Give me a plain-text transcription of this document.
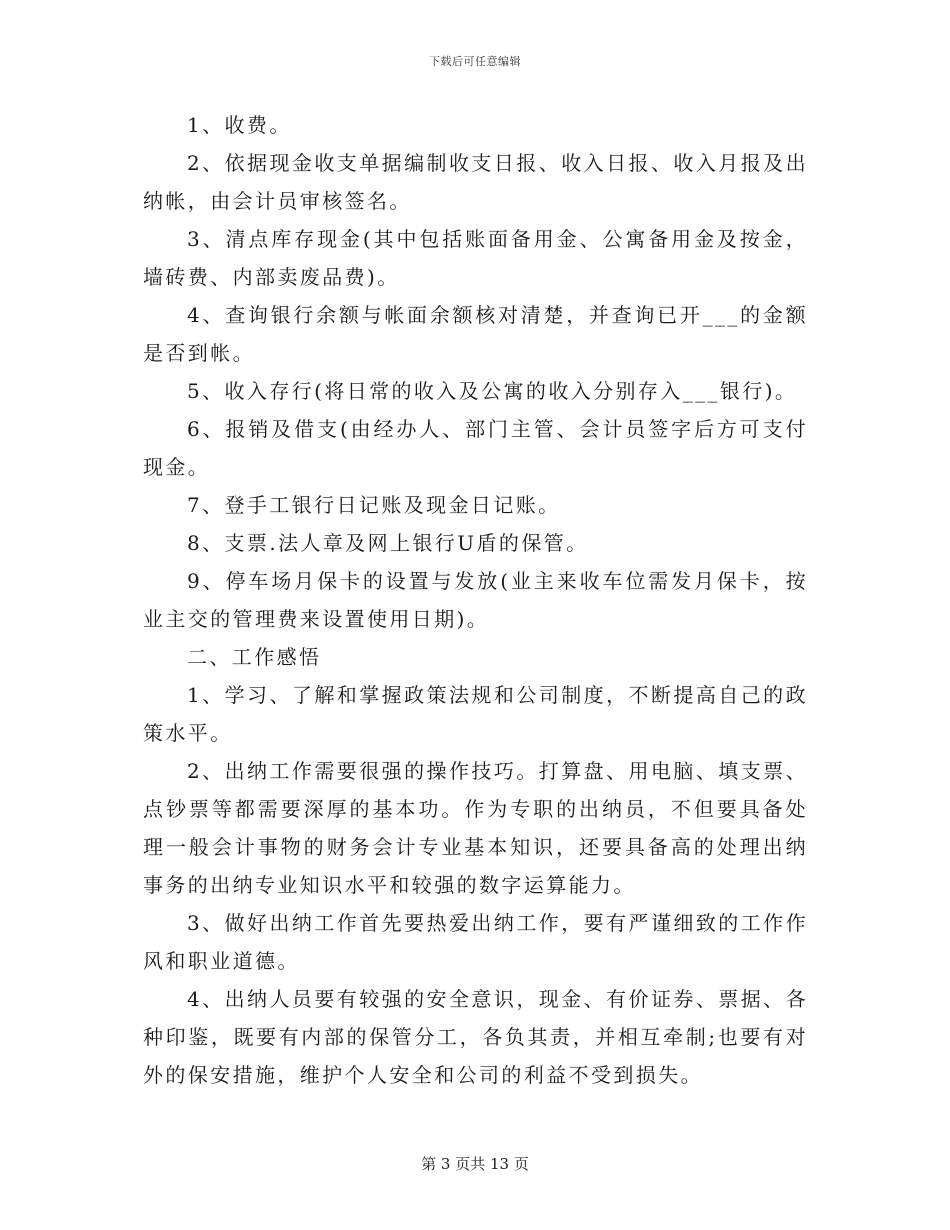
下载后可任意编辑

1、收费。

2、依据现金收支单据编制收支日报、收入日报、收入月报及出纳帐，由会计员审核签名。

3、清点库存现金(其中包括账面备用金、公寓备用金及按金，墙砖费、内部卖废品费)。

4、查询银行余额与帐面余额核对清楚，并查询已开___的金额是否到帐。

5、收入存行(将日常的收入及公寓的收入分别存入___银行)。

6、报销及借支(由经办人、部门主管、会计员签字后方可支付现金。

7、登手工银行日记账及现金日记账。

8、支票.法人章及网上银行U盾的保管。

9、停车场月保卡的设置与发放(业主来收车位需发月保卡，按业主交的管理费来设置使用日期)。

二、工作感悟

1、学习、了解和掌握政策法规和公司制度，不断提高自己的政策水平。

2、出纳工作需要很强的操作技巧。打算盘、用电脑、填支票、点钞票等都需要深厚的基本功。作为专职的出纳员，不但要具备处理一般会计事物的财务会计专业基本知识，还要具备高的处理出纳事务的出纳专业知识水平和较强的数字运算能力。

3、做好出纳工作首先要热爱出纳工作，要有严谨细致的工作作风和职业道德。

4、出纳人员要有较强的安全意识，现金、有价证券、票据、各种印鉴，既要有内部的保管分工，各负其责，并相互牵制;也要有对外的保安措施，维护个人安全和公司的利益不受到损失。

第 3 页共 13 页
